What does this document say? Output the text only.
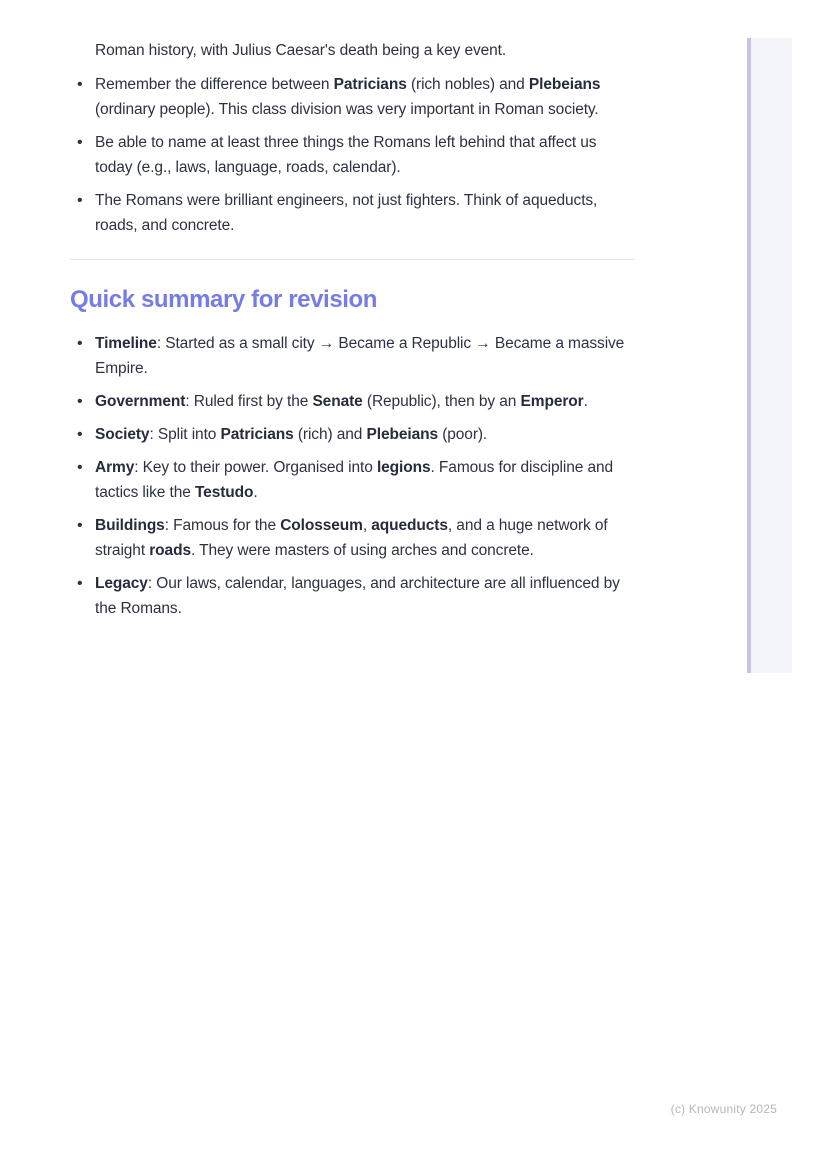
Roman history, with Julius Caesar's death being a key event.

• Remember the difference between Patricians (rich nobles) and Plebeians (ordinary people). This class division was very important in Roman society.
• Be able to name at least three things the Romans left behind that affect us today (e.g., laws, language, roads, calendar).
• The Romans were brilliant engineers, not just fighters. Think of aqueducts, roads, and concrete.
Quick summary for revision
• Timeline: Started as a small city → Became a Republic → Became a massive Empire.
• Government: Ruled first by the Senate (Republic), then by an Emperor.
• Society: Split into Patricians (rich) and Plebeians (poor).
• Army: Key to their power. Organised into legions. Famous for discipline and tactics like the Testudo.
• Buildings: Famous for the Colosseum, aqueducts, and a huge network of straight roads. They were masters of using arches and concrete.
• Legacy: Our laws, calendar, languages, and architecture are all influenced by the Romans.
(c) Knowunity 2025
